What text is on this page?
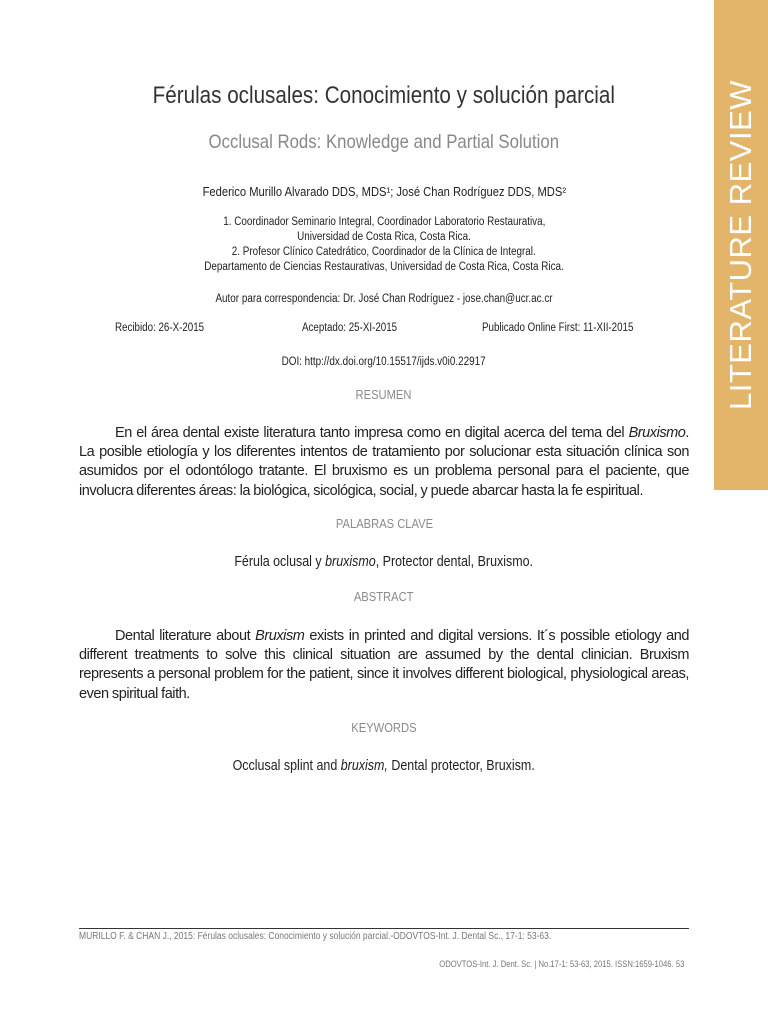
LITERATURE REVIEW
Férulas oclusales: Conocimiento y solución parcial
Occlusal Rods: Knowledge and Partial Solution
Federico Murillo Alvarado DDS, MDS¹; José Chan Rodríguez DDS, MDS²
1. Coordinador Seminario Integral, Coordinador Laboratorio Restaurativa,
Universidad de Costa Rica, Costa Rica.
2. Profesor Clínico Catedrático, Coordinador de la Clínica de Integral.
Departamento de Ciencias Restaurativas, Universidad de Costa Rica, Costa Rica.
Autor para correspondencia: Dr. José Chan Rodríguez - jose.chan@ucr.ac.cr
Recibido: 26-X-2015	Aceptado: 25-XI-2015	Publicado Online First: 11-XII-2015
DOI: http://dx.doi.org/10.15517/ijds.v0i0.22917
RESUMEN
En el área dental existe literatura tanto impresa como en digital acerca del tema del Bruxismo. La posible etiología y los diferentes intentos de tratamiento por solucionar esta situación clínica son asumidos por el odontólogo tratante. El bruxismo es un problema personal para el paciente, que involucra diferentes áreas: la biológica, sicológica, social, y puede abarcar hasta la fe espiritual.
PALABRAS CLAVE
Férula oclusal y bruxismo, Protector dental, Bruxismo.
ABSTRACT
Dental literature about Bruxism exists in printed and digital versions. It´s possible etiology and different treatments to solve this clinical situation are assumed by the dental clinician. Bruxism represents a personal problem for the patient, since it involves different biological, physiological areas, even spiritual faith.
KEYWORDS
Occlusal splint and bruxism, Dental protector, Bruxism.
MURILLO F. & CHAN J., 2015: Férulas oclusales: Conocimiento y solución parcial.-ODOVTOS-Int. J. Dental Sc., 17-1: 53-63.
ODOVTOS-Int. J. Dent. Sc. | No.17-1: 53-63, 2015. ISSN:1659-1046. 53
